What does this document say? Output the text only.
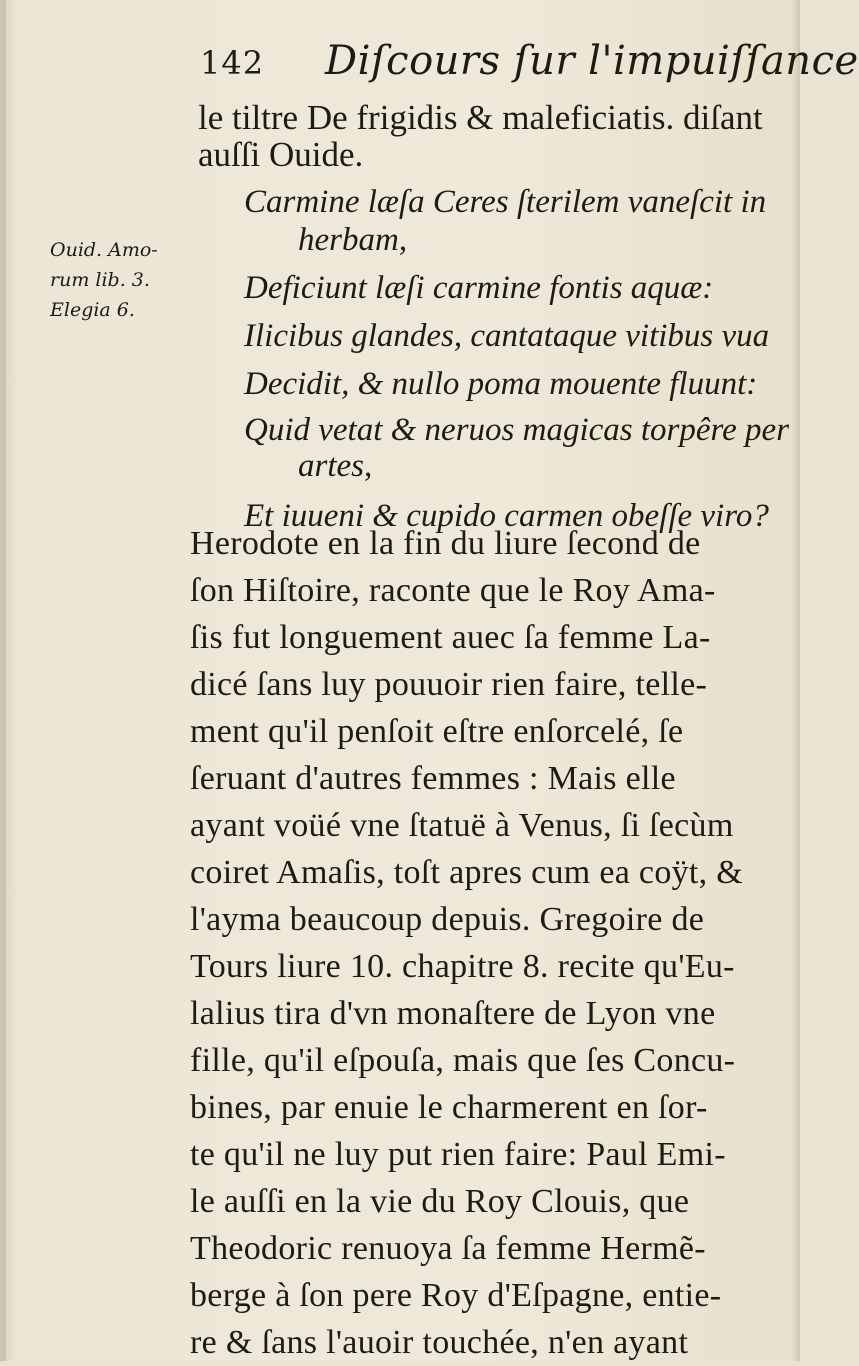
142 Diſcours ſur l'impuiſſance
Ouid. Amo-
rum lib. 3.
Elegia 6.
le tiltre De frigidis & maleficiatis. diſant
auſſi Ouide.
Carmine læſa Ceres ſterilem vaneſcit in
herbam,
Deficiunt læſi carmine fontis aquæ:
Ilicibus glandes, cantataque vitibus vua
Decidit, & nullo poma mouente fluunt:
Quid vetat & neruos magicas torpêre per
artes,
Et iuueni & cupido carmen obeſſe viro?
Herodote en la fin du liure ſecond de
ſon Hiſtoire, raconte que le Roy Ama-
ſis fut longuement auec ſa femme La-
dicé ſans luy pouuoir rien faire, telle-
ment qu'il penſoit eſtre enſorcelé, ſe
ſeruant d'autres femmes : Mais elle
ayant voüé vne ſtatuë à Venus, ſi ſecùm
coiret Amaſis, toſt apres cum ea coÿt, &
l'ayma beaucoup depuis. Gregoire de
Tours liure 10. chapitre 8. recite qu'Eu-
lalius tira d'vn monaſtere de Lyon vne
fille, qu'il eſpouſa, mais que ſes Concu-
bines, par enuie le charmerent en ſor-
te qu'il ne luy put rien faire: Paul Emi-
le auſſi en la vie du Roy Clouis, que
Theodoric renuoya ſa femme Hermẽ-
berge à ſon pere Roy d'Eſpagne, entie-
re & ſans l'auoir touchée, n'en ayant
